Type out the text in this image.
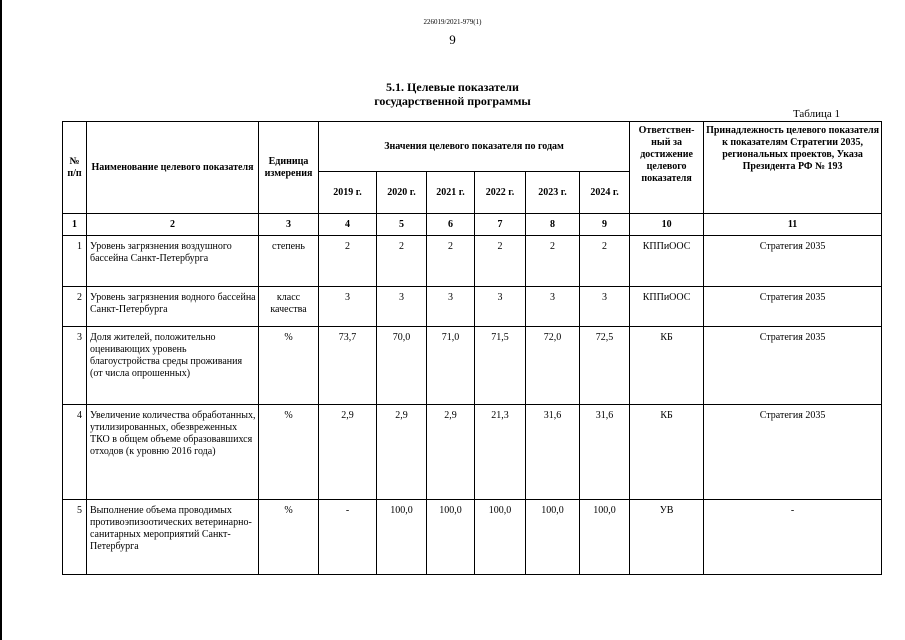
226019/2021-979(1)
9
5.1. Целевые показатели
государственной программы
Таблица 1
№ п/п	Наименование целевого показателя	Единица измерения	Значения целевого показателя по годам						Ответствен-ный за достижение целевого показателя	Принадлежность целевого показателя к показателям Стратегии 2035, региональных проектов, Указа Президента РФ № 193
			2019 г.	2020 г.	2021 г.	2022 г.	2023 г.	2024 г.		
1	2	3	4	5	6	7	8	9	10	11
1	Уровень загрязнения воздушного бассейна Санкт-Петербурга	степень	2	2	2	2	2	2	КППиООС	Стратегия 2035
2	Уровень загрязнения водного бассейна Санкт-Петербурга	класс качества	3	3	3	3	3	3	КППиООС	Стратегия 2035
3	Доля жителей, положительно оценивающих уровень благоустройства среды проживания (от числа опрошенных)	%	73,7	70,0	71,0	71,5	72,0	72,5	КБ	Стратегия 2035
4	Увеличение количества обработанных, утилизированных, обезвреженных ТКО в общем объеме образовавшихся отходов (к уровню 2016 года)	%	2,9	2,9	2,9	21,3	31,6	31,6	КБ	Стратегия 2035
5	Выполнение объема проводимых противоэпизоотических ветеринарно-санитарных мероприятий Санкт-Петербурга	%	-	100,0	100,0	100,0	100,0	100,0	УВ	-
